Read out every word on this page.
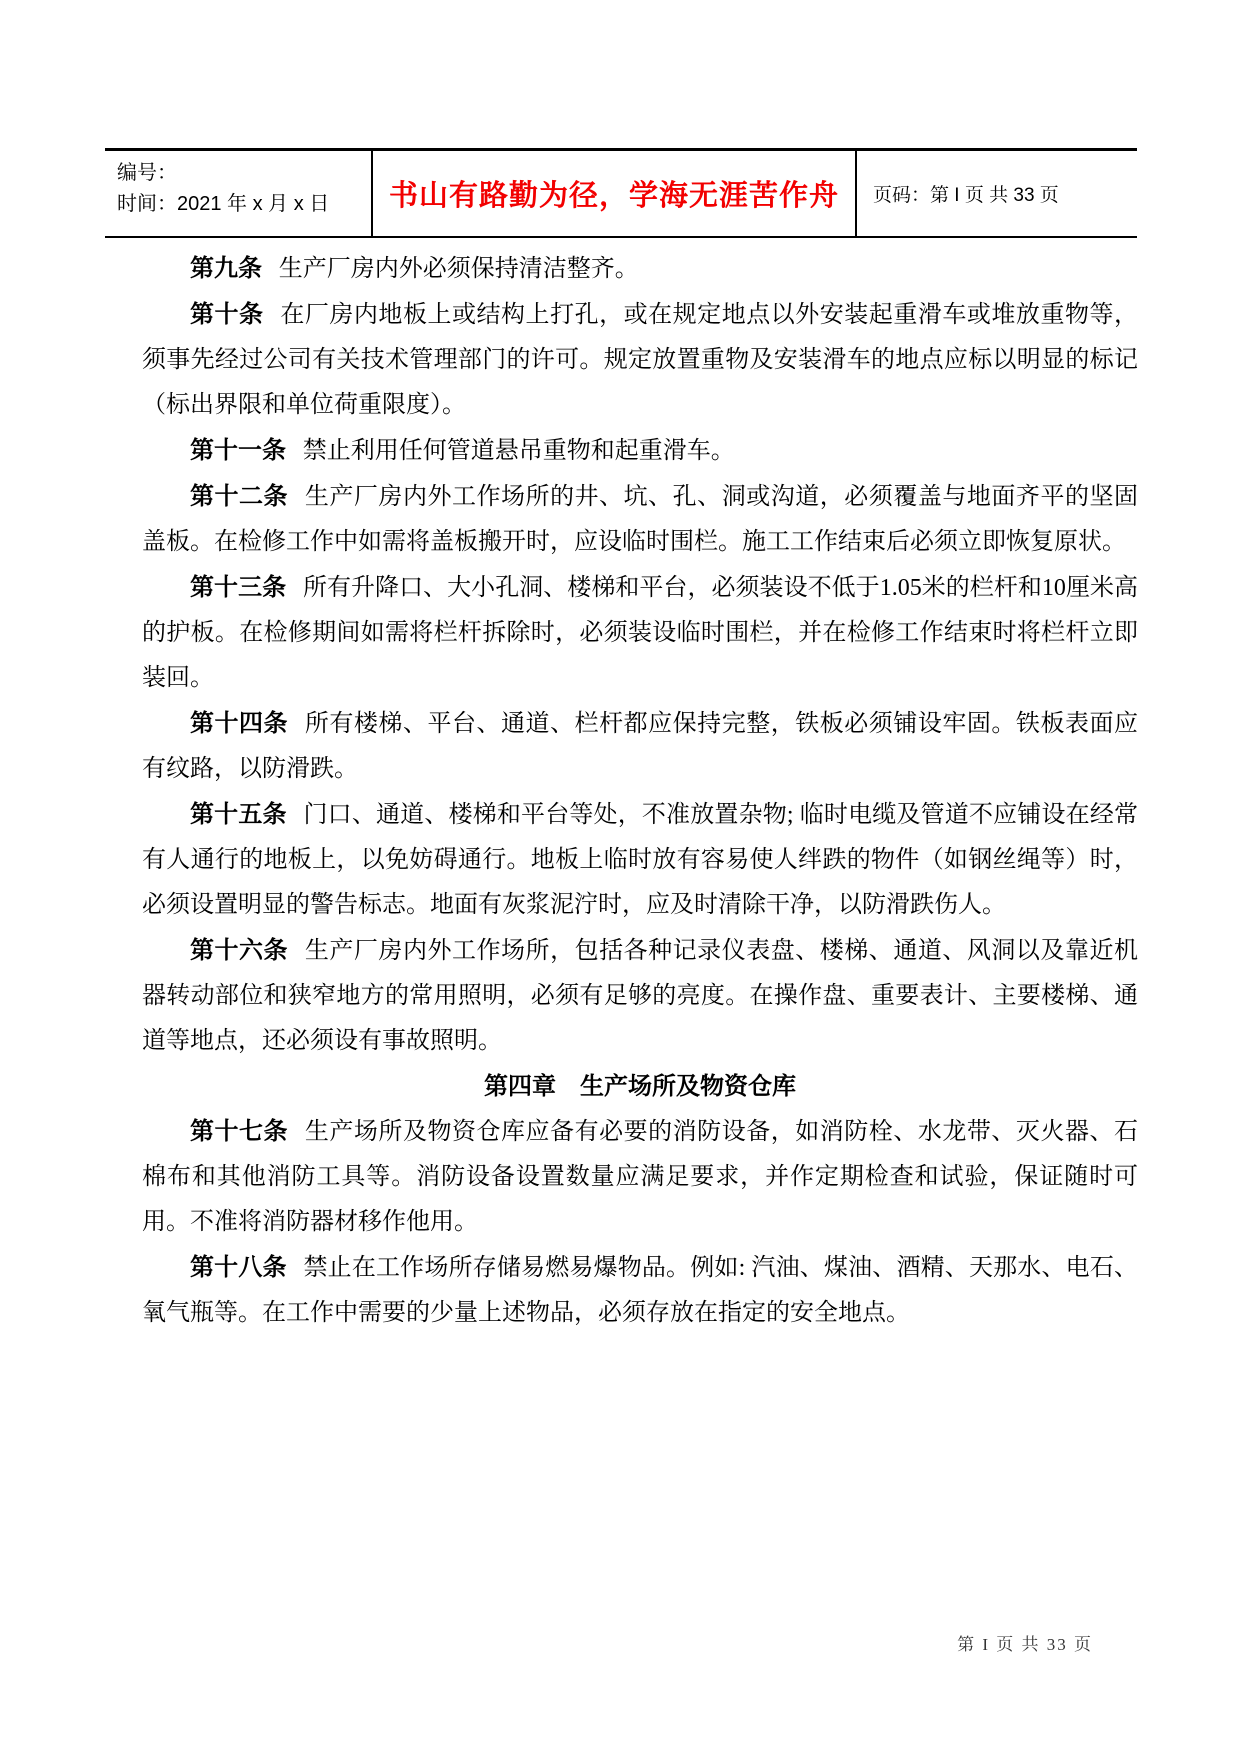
编号：
时间：2021 年 x 月 x 日	书山有路勤为径，学海无涯苦作舟 页码：第 I 页 共 33 页

第九条 生产厂房内外必须保持清洁整齐。

第十条 在厂房内地板上或结构上打孔，或在规定地点以外安装起重滑车或堆放重物等，须事先经过公司有关技术管理部门的许可。规定放置重物及安装滑车的地点应标以明显的标记（标出界限和单位荷重限度）。

第十一条 禁止利用任何管道悬吊重物和起重滑车。

第十二条 生产厂房内外工作场所的井、坑、孔、洞或沟道，必须覆盖与地面齐平的坚固盖板。在检修工作中如需将盖板搬开时，应设临时围栏。施工工作结束后必须立即恢复原状。

第十三条 所有升降口、大小孔洞、楼梯和平台，必须装设不低于1.05米的栏杆和10厘米高的护板。在检修期间如需将栏杆拆除时，必须装设临时围栏，并在检修工作结束时将栏杆立即装回。

第十四条 所有楼梯、平台、通道、栏杆都应保持完整，铁板必须铺设牢固。铁板表面应有纹路，以防滑跌。

第十五条 门口、通道、楼梯和平台等处，不准放置杂物; 临时电缆及管道不应铺设在经常有人通行的地板上，以免妨碍通行。地板上临时放有容易使人绊跌的物件（如钢丝绳等）时，必须设置明显的警告标志。地面有灰浆泥泞时，应及时清除干净，以防滑跌伤人。

第十六条 生产厂房内外工作场所，包括各种记录仪表盘、楼梯、通道、风洞以及靠近机器转动部位和狭窄地方的常用照明，必须有足够的亮度。在操作盘、重要表计、主要楼梯、通道等地点，还必须设有事故照明。

第四章　生产场所及物资仓库

第十七条 生产场所及物资仓库应备有必要的消防设备，如消防栓、水龙带、灭火器、石棉布和其他消防工具等。消防设备设置数量应满足要求，并作定期检查和试验，保证随时可用。不准将消防器材移作他用。

第十八条 禁止在工作场所存储易燃易爆物品。例如: 汽油、煤油、酒精、天那水、电石、氧气瓶等。在工作中需要的少量上述物品，必须存放在指定的安全地点。

第 I 页 共 33 页
